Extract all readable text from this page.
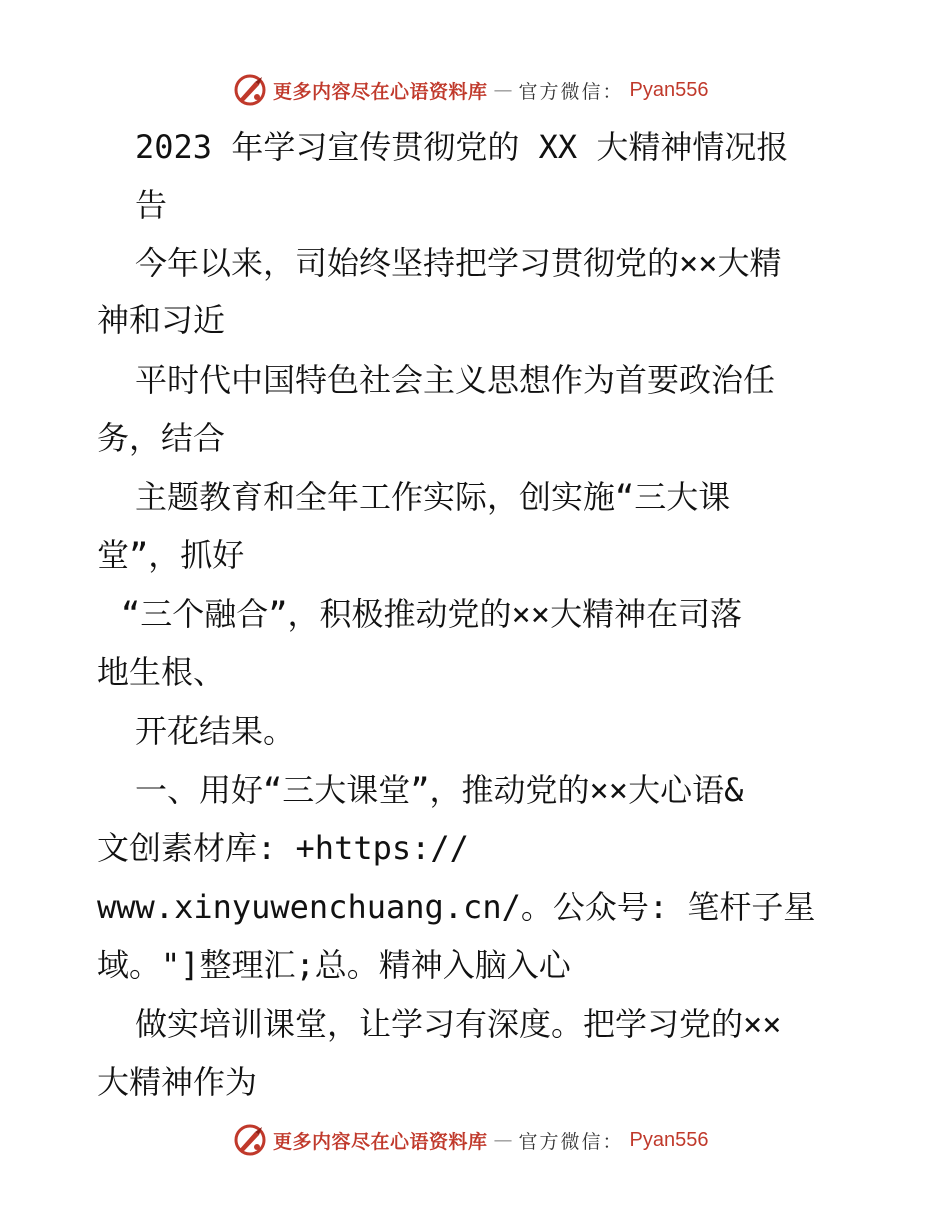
更多内容尽在心语资料库 — 官方微信： Pyan556
2023 年学习宣传贯彻党的 XX 大精神情况报
告
今年以来，司始终坚持把学习贯彻党的××大精
神和习近
平时代中国特色社会主义思想作为首要政治任
务，结合
主题教育和全年工作实际，创实施“三大课
堂”，抓好
“三个融合”，积极推动党的××大精神在司落
地生根、
开花结果。
一、用好“三大课堂”，推动党的××大心语&
文创素材库: +https://
www.xinyuwenchuang.cn/。公众号: 笔杆子星
域。"]整理汇;总。精神入脑入心
做实培训课堂，让学习有深度。把学习党的××
大精神作为
更多内容尽在心语资料库 — 官方微信： Pyan556
